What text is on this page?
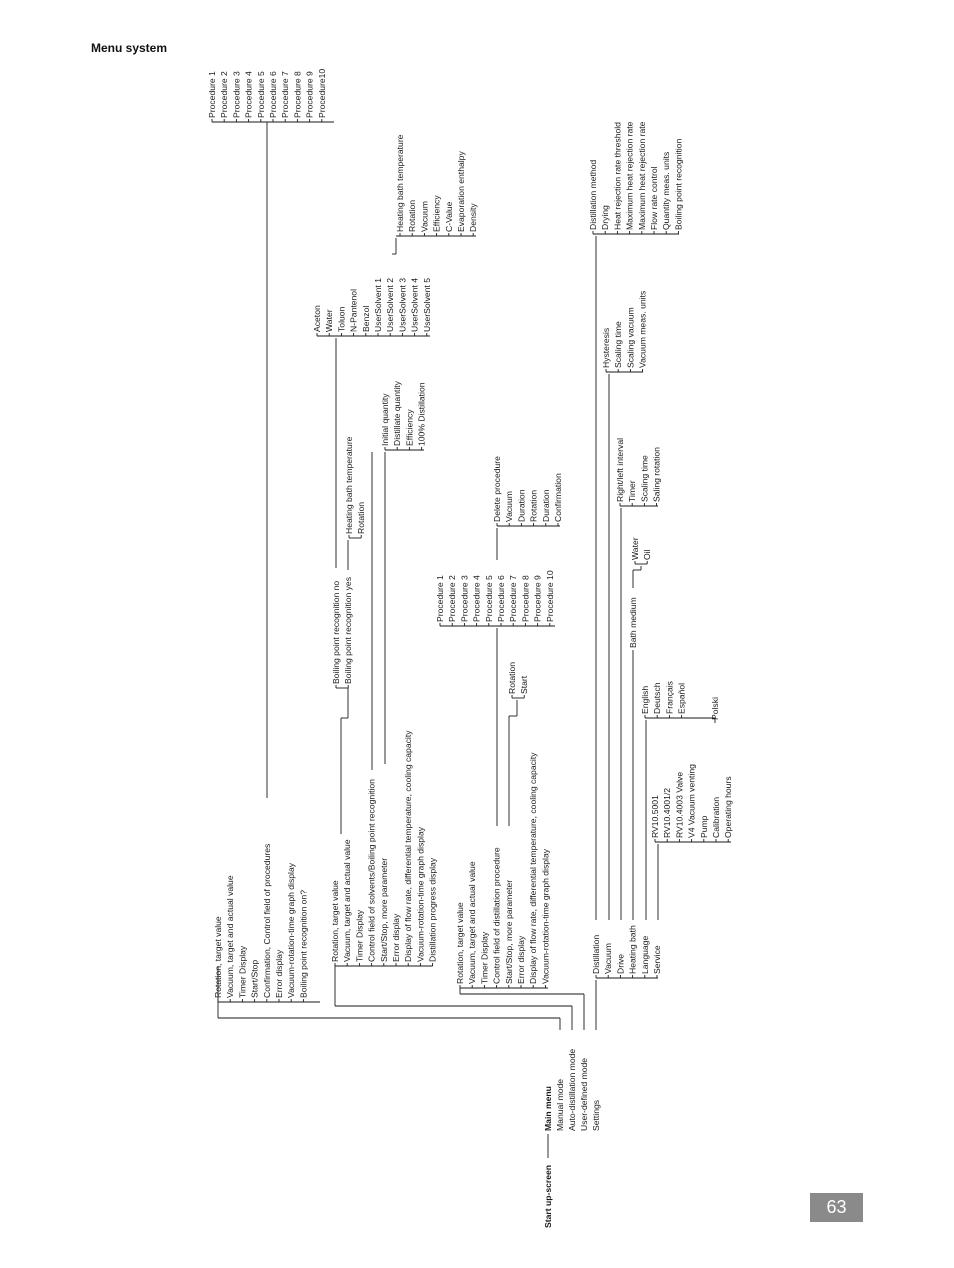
Menu system
Start up-screen
Main menu Manual mode Auto-distillation mode User-defined mode Settings
Rotation, target value Vacuum, target and actual value Timer Display Start/Stop Confirmation, Control field of procedures Error display Vacuum-rotation-time graph display Boiling point recognition on?
Procedure 1 Procedure 2 Procedure 3 Procedure 4 Procedure 5 Procedure 6 Procedure 7 Procedure 8 Procedure 9 Procedure10
Rotation, target value Vacuum, target and actual value Timer Display Control field of solvents/Boiling point recognition Start/Stop, more parameter Error display Display of flow rate, differential temperature, cooling capacity Vacuum-rotation-time graph display Distillation progress display
Boiling point recognition no Boiling point recognition yes
Heating bath temperature Rotation
Aceton Water Toluon N-Pantenol Benzol UserSolvent 1 UserSolvent 2 UserSolvent 3 UserSolvent 4 UserSolvent 5
Heating bath temperature Rotation Vacuum Efficiency C-Value Evaporation enthalpy Density
Initial quantity Distillate quantity Efficiency 100% Distillation
Rotation, target value Vacuum, target and actual value Timer Display Control field of distillation procedure Start/Stop, more parameter Error display Display of flow rate, differential temperature, cooling capacity Vacuum-rotation-time graph display
Rotation Start
Procedure 1 Procedure 2 Procedure 3 Procedure 4 Procedure 5 Procedure 6 Procedure 7 Procedure 8 Procedure 9 Procedure 10
Delete procedure Vacuum Duration Rotation Duration Confirmation
Distillation Vacuum Drive Heating bath Language Service
RV10.5001 RV10.4001/2 RV10.4003 Valve V4 Vacuum venting Pump Calibration Operating hours
English Deutsch Français Español	Polski
Bath medium
Water Oil
Right/left interval Timer Scaling time Saling rotation
Hysteresis Scaling time Scaling vacuum Vacuum meas. units
Distillation method Drying Heat rejection rate threshold Maximum heat rejection rate Maximum heat rejection rate Flow rate control Quantity meas. units Boiling point recognition
63
